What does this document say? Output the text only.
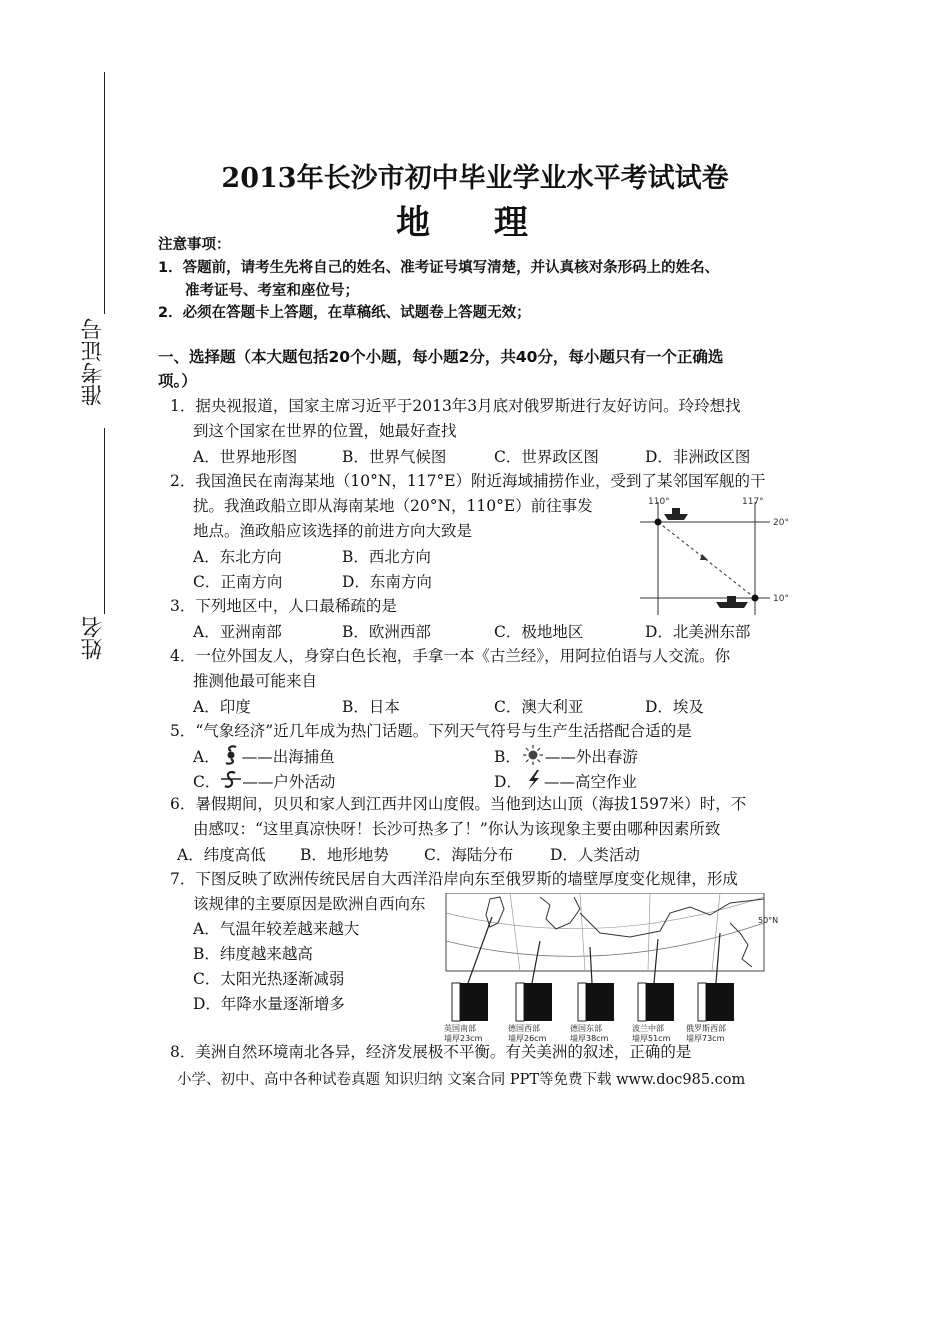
准考证号
姓名
2013年长沙市初中毕业学业水平考试试卷
地 理
注意事项：
1．答题前，请考生先将自己的姓名、准考证号填写清楚，并认真核对条形码上的姓名、
准考证号、考室和座位号；
2．必须在答题卡上答题，在草稿纸、试题卷上答题无效；
一、选择题（本大题包括20个小题，每小题2分，共40分，每小题只有一个正确选
项。）
1．据央视报道，国家主席习近平于2013年3月底对俄罗斯进行友好访问。玲玲想找
到这个国家在世界的位置，她最好查找
A．世界地形图	B．世界气候图	C．世界政区图	D．非洲政区图
2．我国渔民在南海某地（10°N，117°E）附近海域捕捞作业，受到了某邻国军舰的干
扰。我渔政船立即从海南某地（20°N，110°E）前往事发
地点。渔政船应该选择的前进方向大致是
A．东北方向	B．西北方向
C．正南方向	D．东南方向
110°	117°
20°
10°
3．下列地区中，人口最稀疏的是
A．亚洲南部	B．欧洲西部	C．极地地区	D．北美洲东部
4．一位外国友人，身穿白色长袍，手拿一本《古兰经》，用阿拉伯语与人交流。你
推测他最可能来自
A．印度	B．日本	C．澳大利亚	D．埃及
5．“气象经济”近几年成为热门话题。下列天气符号与生产生活搭配合适的是
A． ——出海捕鱼	B． ——外出春游
C． ——户外活动	D． ——高空作业
6．暑假期间，贝贝和家人到江西井冈山度假。当他到达山顶（海拔1597米）时，不
由感叹：“这里真凉快呀！长沙可热多了！”你认为该现象主要由哪种因素所致
A．纬度高低 B．地形地势 C．海陆分布 D．人类活动
7．下图反映了欧洲传统民居自大西洋沿岸向东至俄罗斯的墙壁厚度变化规律，形成
该规律的主要原因是欧洲自西向东
A．气温年较差越来越大
B．纬度越来越高
C．太阳光热逐渐减弱
D．年降水量逐渐增多
50°N
英国南部
墙厚23cm
德国西部
墙厚26cm
德国东部
墙厚38cm
波兰中部
墙厚51cm
俄罗斯西部
墙厚73cm
8．美洲自然环境南北各异，经济发展极不平衡。有关美洲的叙述，正确的是
小学、初中、高中各种试卷真题 知识归纳 文案合同 PPT等免费下载 www.doc985.com
